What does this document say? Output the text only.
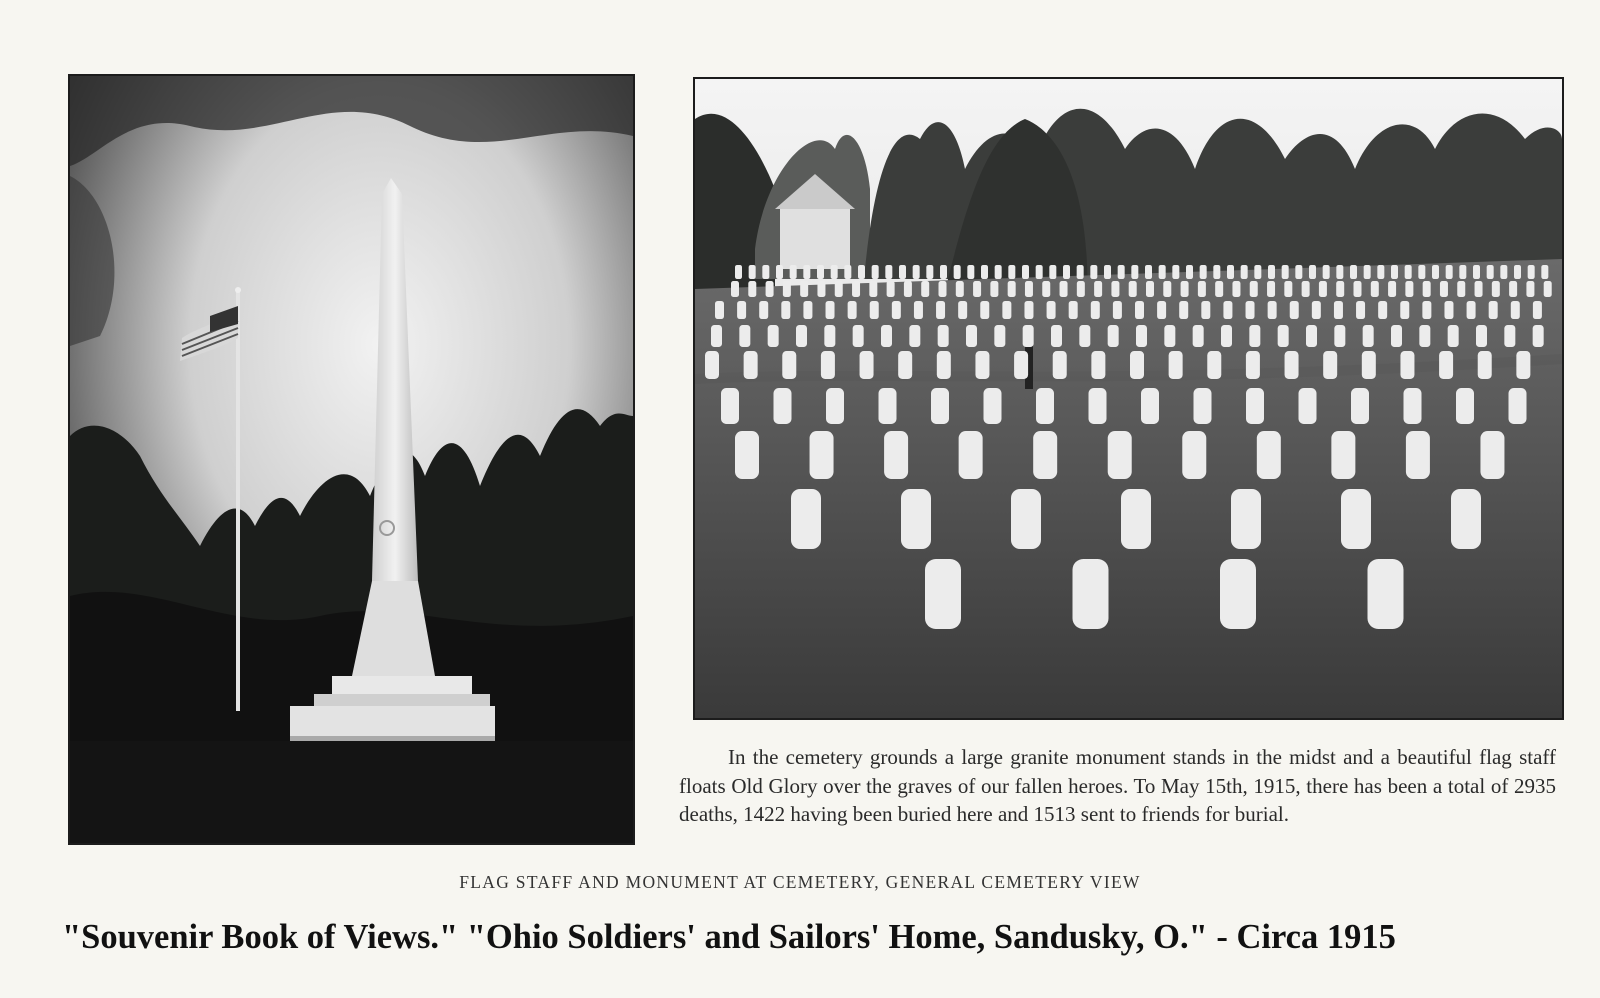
In the cemetery grounds a large granite monument stands in the midst and a beautiful flag staff floats Old Glory over the graves of our fallen heroes. To May 15th, 1915, there has been a total of 2935 deaths, 1422 having been buried here and 1513 sent to friends for burial.

FLAG STAFF AND MONUMENT AT CEMETERY, GENERAL CEMETERY VIEW
"Souvenir Book of Views." "Ohio Soldiers' and Sailors' Home, Sandusky, O." - Circa 1915
